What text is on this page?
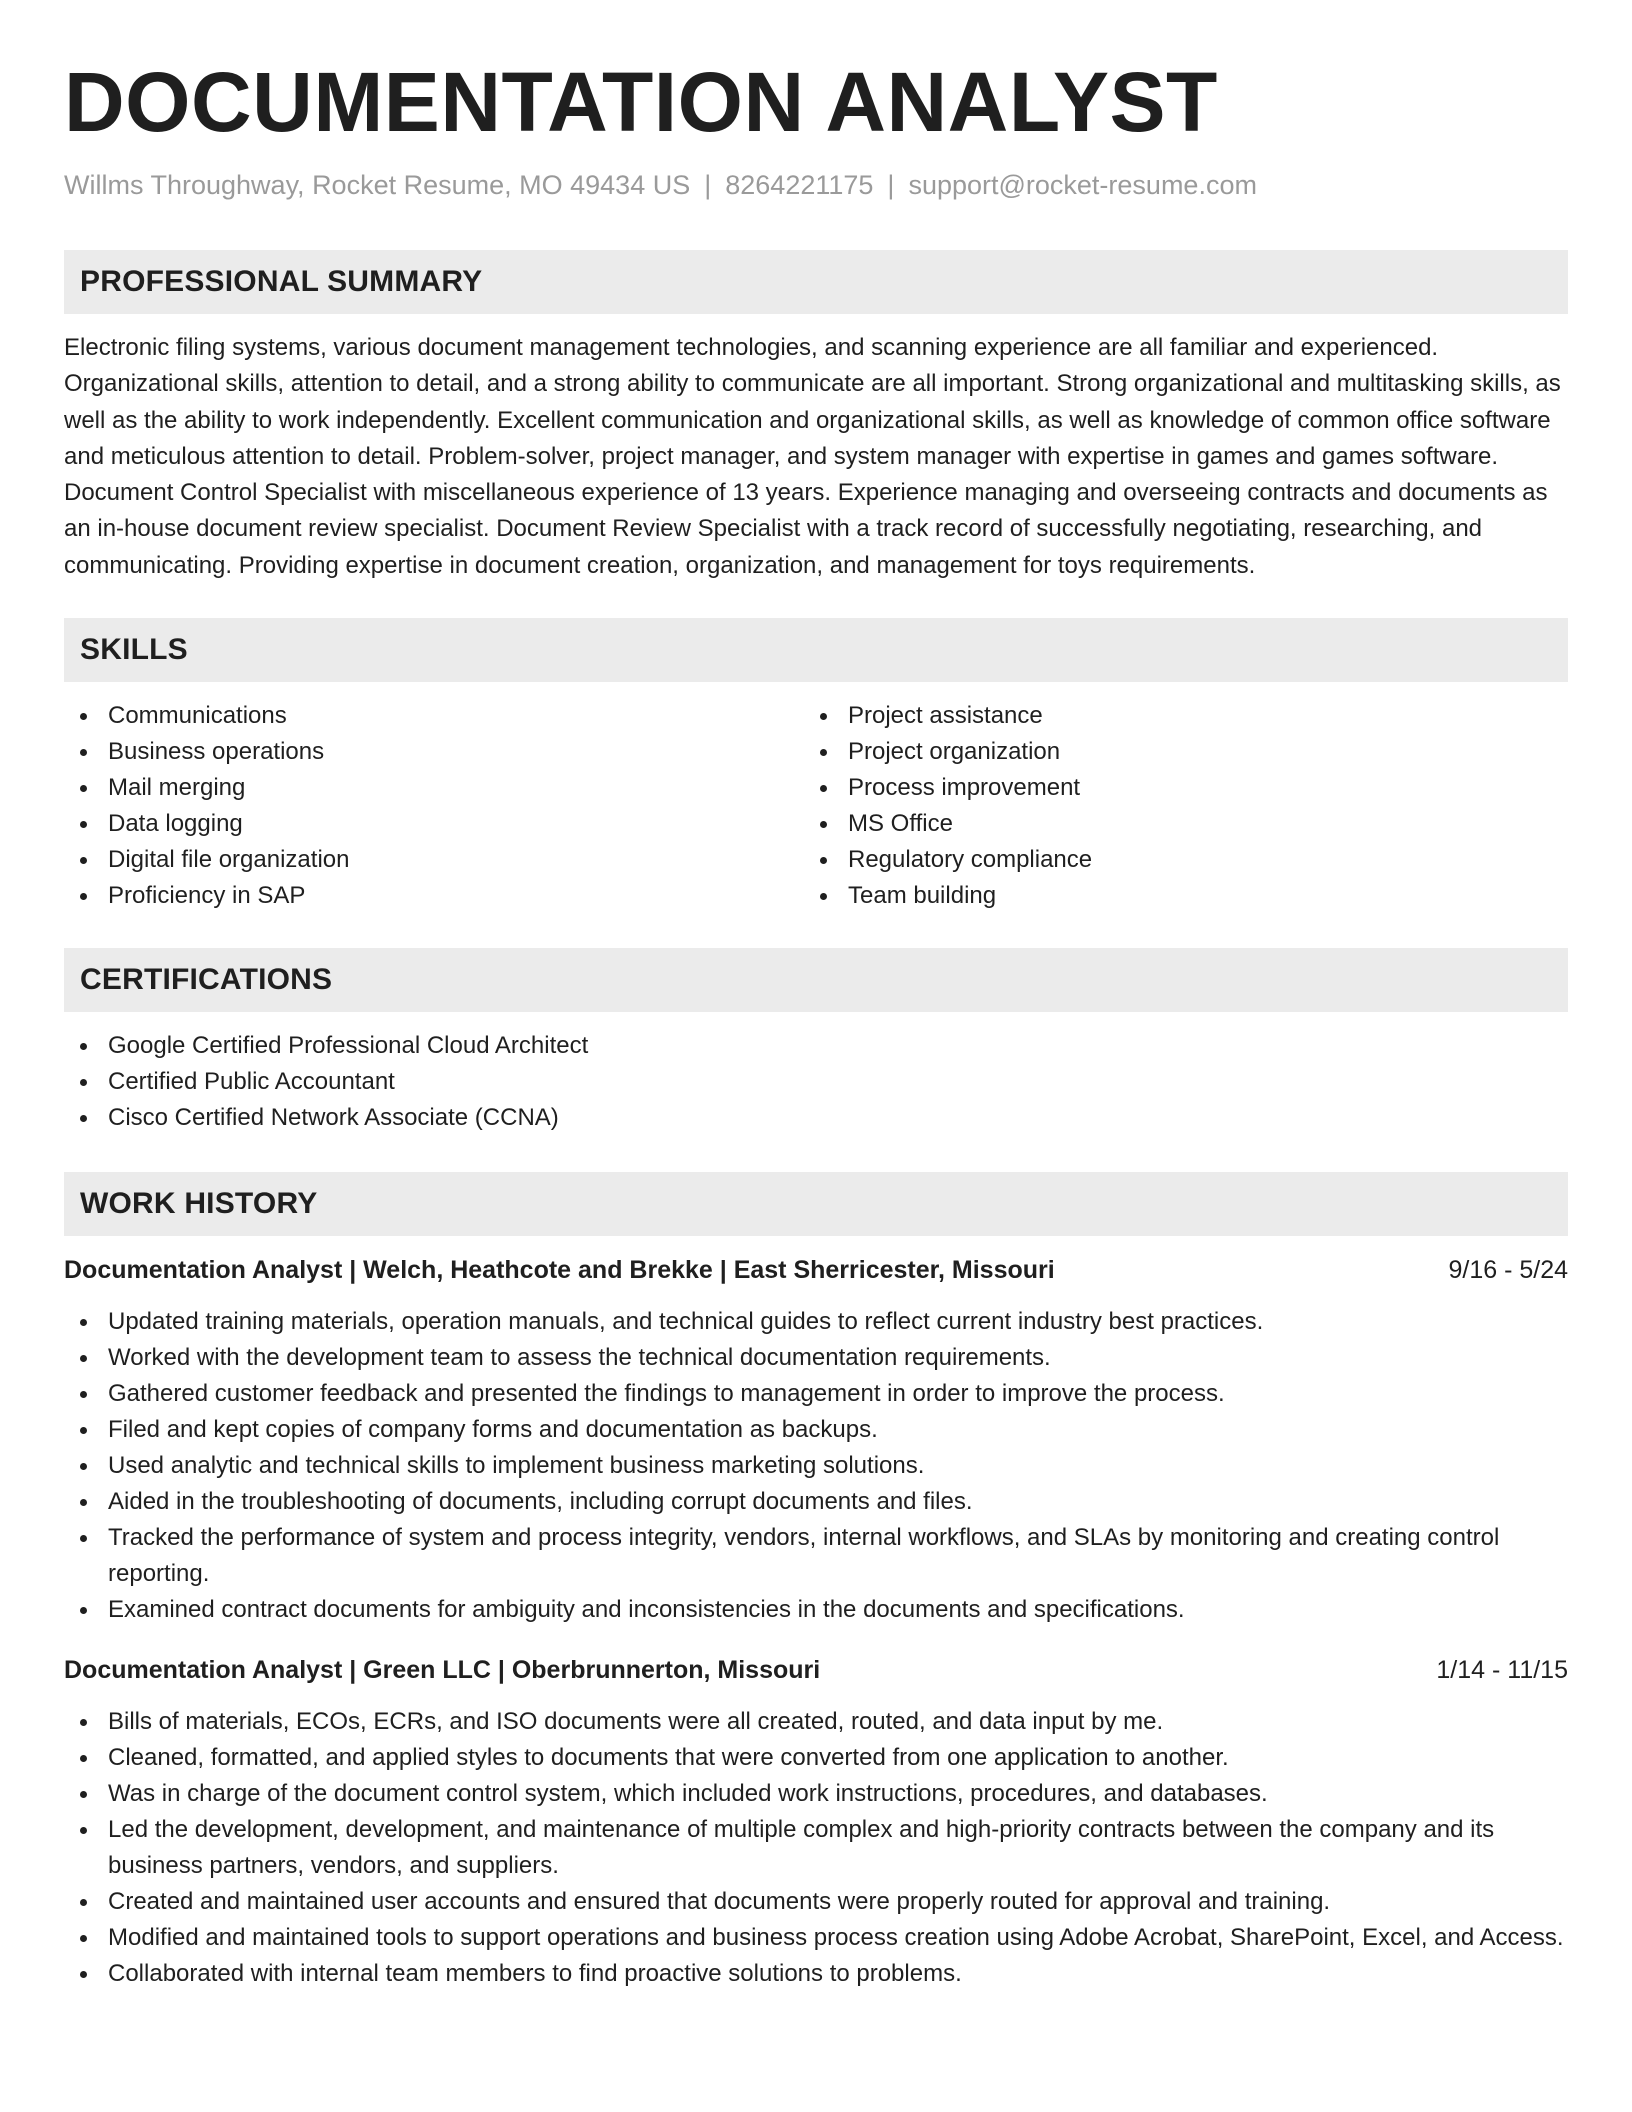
DOCUMENTATION ANALYST
Willms Throughway, Rocket Resume, MO 49434 US | 8264221175 | support@rocket-resume.com
PROFESSIONAL SUMMARY

Electronic filing systems, various document management technologies, and scanning experience are all familiar and experienced. Organizational skills, attention to detail, and a strong ability to communicate are all important. Strong organizational and multitasking skills, as well as the ability to work independently. Excellent communication and organizational skills, as well as knowledge of common office software and meticulous attention to detail. Problem-solver, project manager, and system manager with expertise in games and games software. Document Control Specialist with miscellaneous experience of 13 years. Experience managing and overseeing contracts and documents as an in-house document review specialist. Document Review Specialist with a track record of successfully negotiating, researching, and communicating. Providing expertise in document creation, organization, and management for toys requirements.

SKILLS
Communications
Business operations
Mail merging
Data logging
Digital file organization
Proficiency in SAP
Project assistance
Project organization
Process improvement
MS Office
Regulatory compliance
Team building
CERTIFICATIONS
Google Certified Professional Cloud Architect
Certified Public Accountant
Cisco Certified Network Associate (CCNA)
WORK HISTORY
Documentation Analyst | Welch, Heathcote and Brekke | East Sherricester, Missouri	9/16 - 5/24
Updated training materials, operation manuals, and technical guides to reflect current industry best practices.
Worked with the development team to assess the technical documentation requirements.
Gathered customer feedback and presented the findings to management in order to improve the process.
Filed and kept copies of company forms and documentation as backups.
Used analytic and technical skills to implement business marketing solutions.
Aided in the troubleshooting of documents, including corrupt documents and files.
Tracked the performance of system and process integrity, vendors, internal workflows, and SLAs by monitoring and creating control reporting.
Examined contract documents for ambiguity and inconsistencies in the documents and specifications.
Documentation Analyst | Green LLC | Oberbrunnerton, Missouri	1/14 - 11/15
Bills of materials, ECOs, ECRs, and ISO documents were all created, routed, and data input by me.
Cleaned, formatted, and applied styles to documents that were converted from one application to another.
Was in charge of the document control system, which included work instructions, procedures, and databases.
Led the development, development, and maintenance of multiple complex and high-priority contracts between the company and its business partners, vendors, and suppliers.
Created and maintained user accounts and ensured that documents were properly routed for approval and training.
Modified and maintained tools to support operations and business process creation using Adobe Acrobat, SharePoint, Excel, and Access.
Collaborated with internal team members to find proactive solutions to problems.
